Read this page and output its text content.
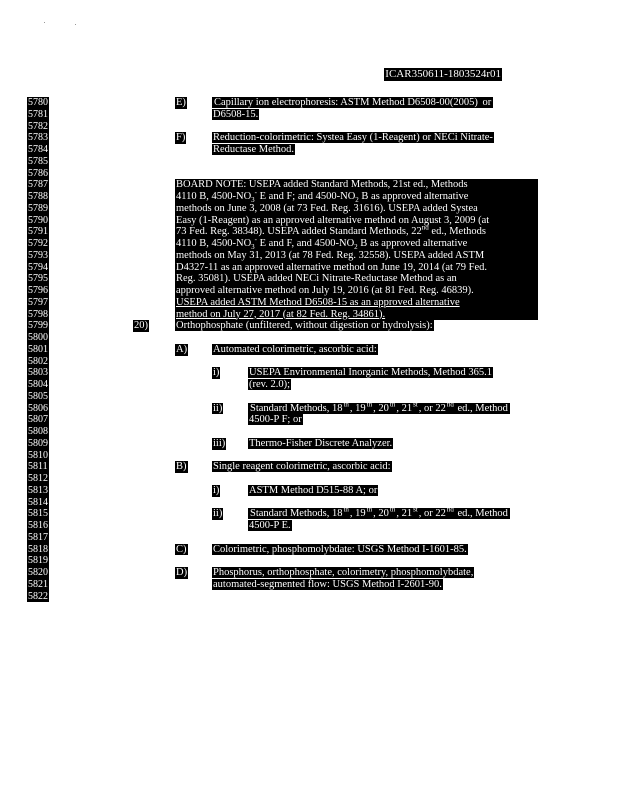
ICAR350611-1803524r01
5780
5781
5782
5783
5784
5785
5786
5787
5788
5789
5790
5791
5792
5793
5794
5795
5796
5797
5798
5799
5800
5801
5802
5803
5804
5805
5806
5807
5808
5809
5810
5811
5812
5813
5814
5815
5816
5817
5818
5819
5820
5821
5822
E)	Capillary ion electrophoresis: ASTM Method D6508-00(2005) or
D6508-15.
F)	Reduction-colorimetric: Systea Easy (1-Reagent) or NECi Nitrate-
Reductase Method.
BOARD NOTE: USEPA added Standard Methods, 21st ed., Methods
4110 B, $4500-NO_3^-$ E and F; and $4500-NO_2$ B as approved alternative
methods on June 3, 2008 (at 73 Fed. Reg. 31616). USEPA added Systea
Easy (1-Reagent) as an approved alternative method on August 3, 2009 (at
73 Fed. Reg. 38348). USEPA added Standard Methods, 22nd ed., Methods
4110 B, $4500-NO_3^-$ E and F, and $4500-NO_2$ B as approved alternative
methods on May 31, 2013 (at 78 Fed. Reg. 32558). USEPA added ASTM
D4327-11 as an approved alternative method on June 19, 2014 (at 79 Fed.
Reg. 35081). USEPA added NECi Nitrate-Reductase Method as an
approved alternative method on July 19, 2016 (at 81 Fed. Reg. 46839).
USEPA added ASTM Method D6508-15 as an approved alternative
method on July 27, 2017 (at 82 Fed. Reg. 34861).
20)	Orthophosphate (unfiltered, without digestion or hydrolysis):
A) Automated colorimetric, ascorbic acid:
i)	USEPA Environmental Inorganic Methods, Method 365.1
(rev. 2.0);
ii)	Standard Methods, 18th, 19th, 20th, 21st, or 22nd ed., Method
4500-P F; or
iii) Thermo-Fisher Discrete Analyzer.
B)	Single reagent colorimetric, ascorbic acid:
i)	ASTM Method D515-88 A; or
ii)	Standard Methods, 18th, 19th, 20th, 21st, or 22nd ed., Method
4500-P E.
C)	Colorimetric, phosphomolybdate: USGS Method I-1601-85.
D) Phosphorus, orthophosphate, colorimetry, phosphomolybdate,
automated-segmented flow: USGS Method I-2601-90.
